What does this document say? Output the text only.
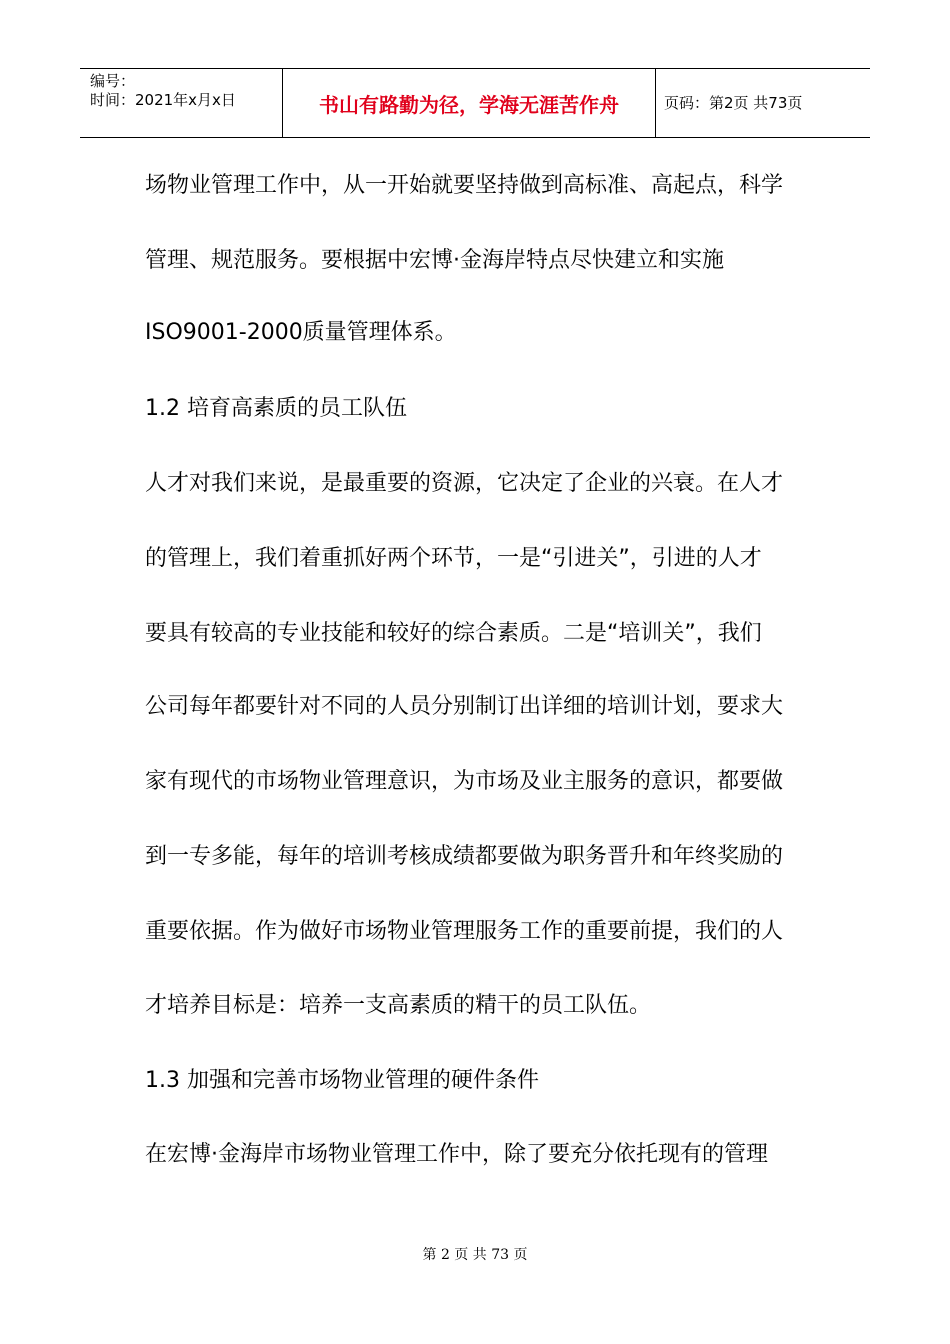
编号：
时间：2021年x月x日	书山有路勤为径，学海无涯苦作舟	页码：第2页 共73页
场物业管理工作中，从一开始就要坚持做到高标准、高起点，科学
管理、规范服务。要根据中宏博·金海岸特点尽快建立和实施
ISO9001-2000质量管理体系。
1.2 培育高素质的员工队伍
人才对我们来说，是最重要的资源，它决定了企业的兴衰。在人才
的管理上，我们着重抓好两个环节，一是“引进关”，引进的人才
要具有较高的专业技能和较好的综合素质。二是“培训关”，我们
公司每年都要针对不同的人员分别制订出详细的培训计划，要求大
家有现代的市场物业管理意识，为市场及业主服务的意识，都要做
到一专多能，每年的培训考核成绩都要做为职务晋升和年终奖励的
重要依据。作为做好市场物业管理服务工作的重要前提，我们的人
才培养目标是：培养一支高素质的精干的员工队伍。
1.3 加强和完善市场物业管理的硬件条件
在宏博·金海岸市场物业管理工作中，除了要充分依托现有的管理
第 2 页 共 73 页
